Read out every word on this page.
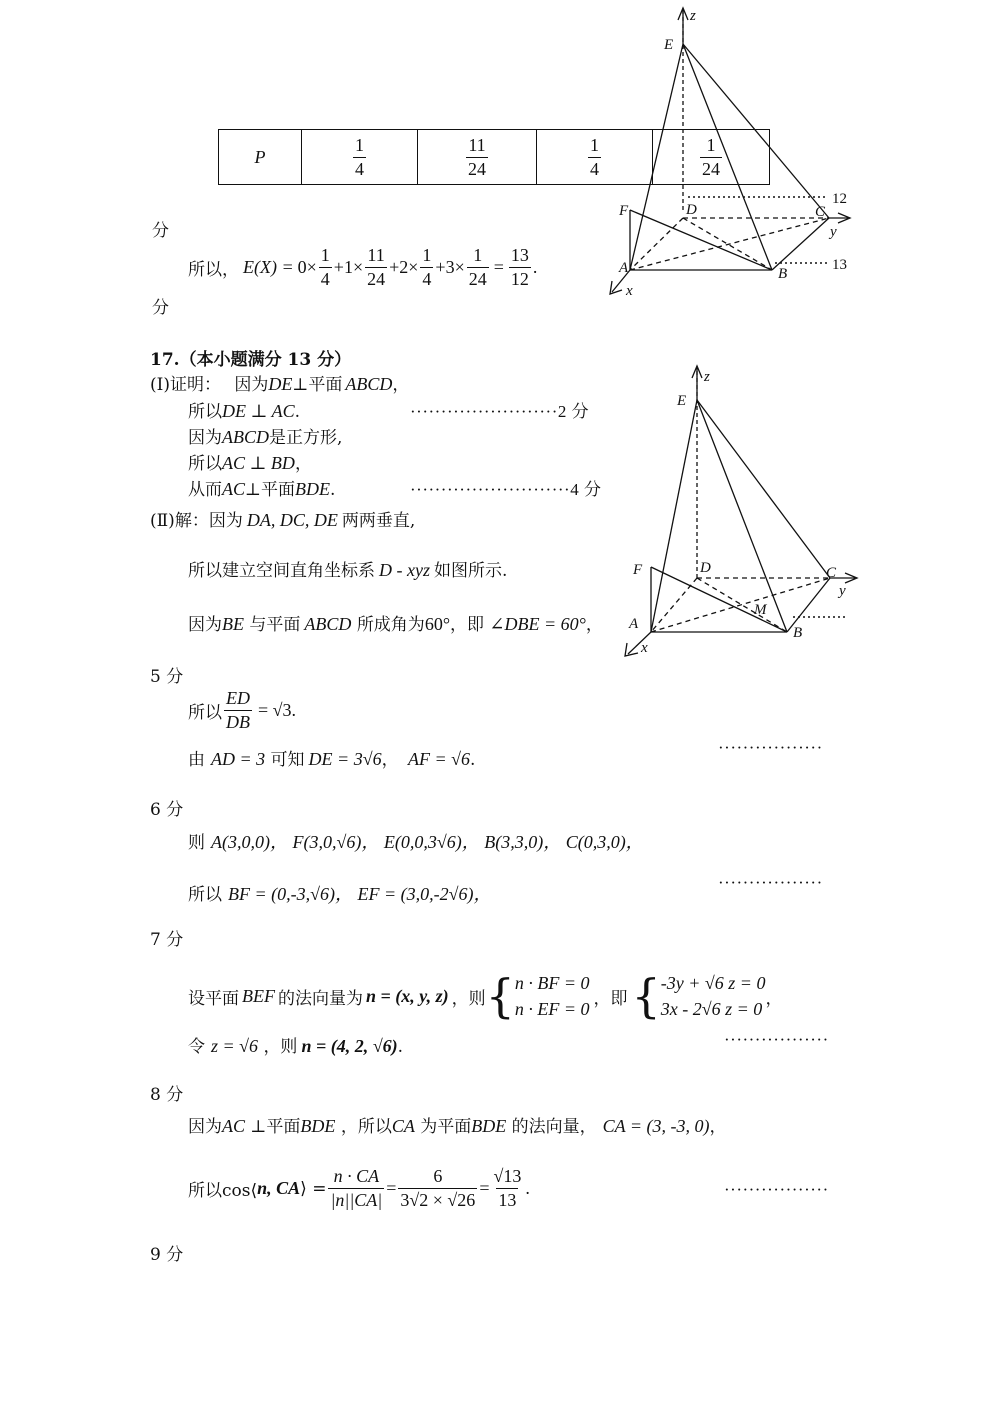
P	$\frac{1}{4}$	$\frac{11}{24}$	$\frac{1}{4}$	$\frac{1}{24}$
分
所以， $E(X) = 0\times \frac{1}{4} + 1\times \frac{11}{24} + 2\times \frac{1}{4} + 3\times \frac{1}{24} = \frac{13}{12}$ .
分
z
E
F	D	C
y
A	B
x
12
13
17.（本小题满分 13 分）
(Ⅰ)证明： 因为DE⊥平面 ABCD，
所以DE ⊥ AC.	························2 分
因为ABCD是正方形,
所以AC ⊥ BD，
从而AC⊥平面BDE.	··························4 分
(Ⅱ)解：因为 DA, DC, DE 两两垂直,
所以建立空间直角坐标系 D - xyz 如图所示.
因为BE 与平面 ABCD 所成角为60°，即 ∠DBE = 60°，
5 分
所以 $\frac{ED}{DB} = √3$ .
由 AD = 3 可知 DE = 3√6， AF = √6.
·················
6 分
则 A(3,0,0)， F(3,0,√6)， E(0,0,3√6)， B(3,3,0)， C(0,3,0)，
所以 BF = (0,-3,√6)， EF = (3,0,-2√6)，
·················
7 分
设平面 BEF 的法向量为 n = (x, y, z) ，则 { n · BF = 0
n · EF = 0
，即 { -3y + √6 z = 0
3x - 2√6 z = 0
，
令 z = √6 ，则 n = (4, 2, √6).	·················
8 分
因为AC ⊥平面BDE ，所以CA 为平面BDE 的法向量， CA = (3, -3, 0)，
所以cos⟨ n, CA ⟩ = $\frac{n \cdot CA}{|n||CA|} = \frac{6}{3√2 \times √26} = \frac{√13}{13}$ .	·················
9 分
z
E
F	D	C
y
M
A
B
x
